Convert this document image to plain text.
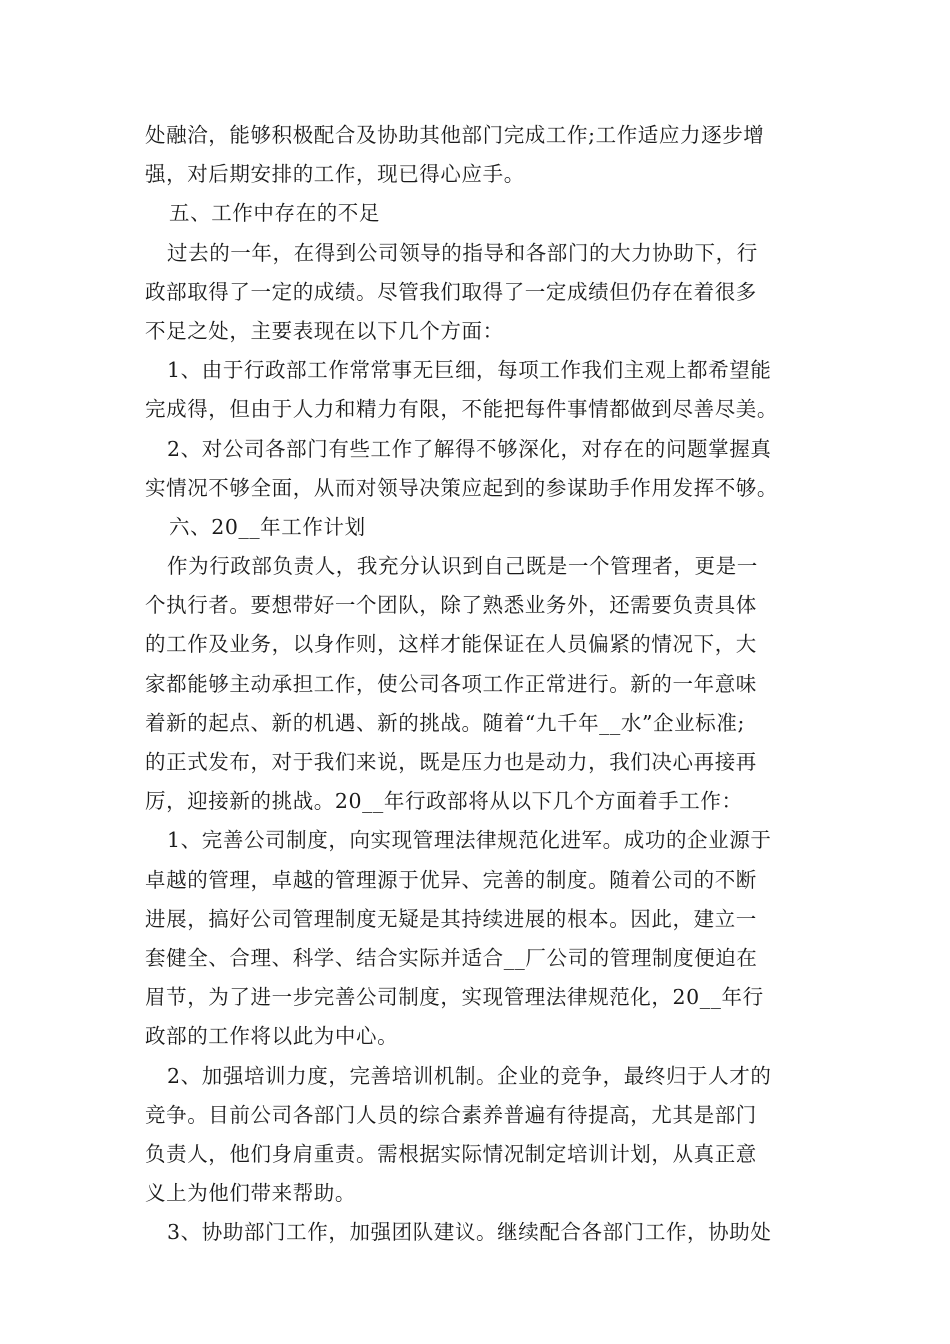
处融洽，能够积极配合及协助其他部门完成工作;工作适应力逐步增
强，对后期安排的工作，现已得心应手。
五、工作中存在的不足
过去的一年，在得到公司领导的指导和各部门的大力协助下，行
政部取得了一定的成绩。尽管我们取得了一定成绩但仍存在着很多
不足之处，主要表现在以下几个方面：
1、由于行政部工作常常事无巨细，每项工作我们主观上都希望能
完成得，但由于人力和精力有限，不能把每件事情都做到尽善尽美。
2、对公司各部门有些工作了解得不够深化，对存在的问题掌握真
实情况不够全面，从而对领导决策应起到的参谋助手作用发挥不够。
六、20__年工作计划
作为行政部负责人，我充分认识到自己既是一个管理者，更是一
个执行者。要想带好一个团队，除了熟悉业务外，还需要负责具体
的工作及业务，以身作则，这样才能保证在人员偏紧的情况下，大
家都能够主动承担工作，使公司各项工作正常进行。新的一年意味
着新的起点、新的机遇、新的挑战。随着“九千年__水”企业标准;
的正式发布，对于我们来说，既是压力也是动力，我们决心再接再
厉，迎接新的挑战。20__年行政部将从以下几个方面着手工作：
1、完善公司制度，向实现管理法律规范化进军。成功的企业源于
卓越的管理，卓越的管理源于优异、完善的制度。随着公司的不断
进展，搞好公司管理制度无疑是其持续进展的根本。因此，建立一
套健全、合理、科学、结合实际并适合__厂公司的管理制度便迫在
眉节，为了进一步完善公司制度，实现管理法律规范化，20__年行
政部的工作将以此为中心。
2、加强培训力度，完善培训机制。企业的竞争，最终归于人才的
竞争。目前公司各部门人员的综合素养普遍有待提高，尤其是部门
负责人，他们身肩重责。需根据实际情况制定培训计划，从真正意
义上为他们带来帮助。
3、协助部门工作，加强团队建议。继续配合各部门工作，协助处
